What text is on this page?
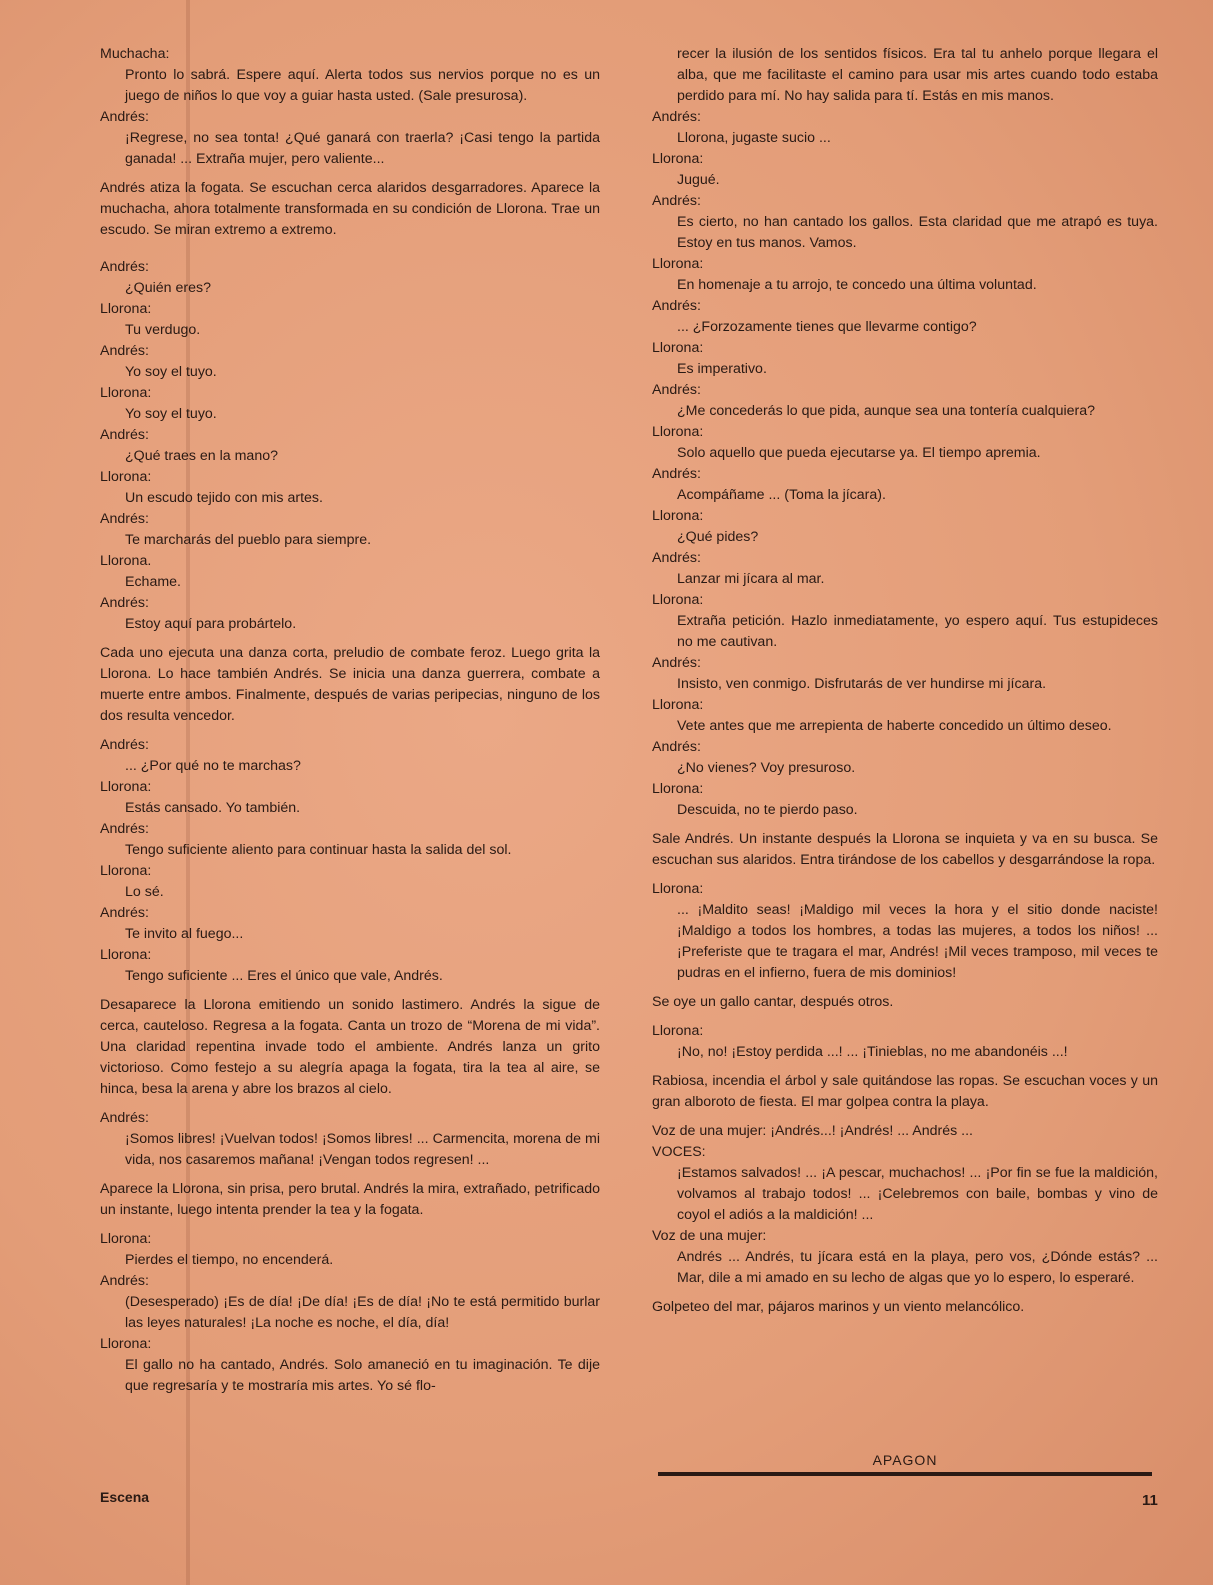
Muchacha:

Pronto lo sabrá. Espere aquí. Alerta todos sus nervios porque no es un juego de niños lo que voy a guiar hasta usted. (Sale presurosa).

Andrés:

¡Regrese, no sea tonta! ¿Qué ganará con traerla? ¡Casi tengo la partida ganada! ... Extraña mujer, pero valiente...

Andrés atiza la fogata. Se escuchan cerca alaridos desgarradores. Aparece la muchacha, ahora totalmente transformada en su condición de Llorona. Trae un escudo. Se miran extremo a extremo.

Andrés:

¿Quién eres?

Llorona:

Tu verdugo.

Andrés:

Yo soy el tuyo.

Llorona:

Yo soy el tuyo.

Andrés:

¿Qué traes en la mano?

Llorona:

Un escudo tejido con mis artes.

Andrés:

Te marcharás del pueblo para siempre.

Llorona.

Echame.

Andrés:

Estoy aquí para probártelo.

Cada uno ejecuta una danza corta, preludio de combate feroz. Luego grita la Llorona. Lo hace también Andrés. Se inicia una danza guerrera, combate a muerte entre ambos. Finalmente, después de varias peripecias, ninguno de los dos resulta vencedor.

Andrés:

... ¿Por qué no te marchas?

Llorona:

Estás cansado. Yo también.

Andrés:

Tengo suficiente aliento para continuar hasta la salida del sol.

Llorona:

Lo sé.

Andrés:

Te invito al fuego...

Llorona:

Tengo suficiente ... Eres el único que vale, Andrés.

Desaparece la Llorona emitiendo un sonido lastimero. Andrés la sigue de cerca, cauteloso. Regresa a la fogata. Canta un trozo de “Morena de mi vida”. Una claridad repentina invade todo el ambiente. Andrés lanza un grito victorioso. Como festejo a su alegría apaga la fogata, tira la tea al aire, se hinca, besa la arena y abre los brazos al cielo.

Andrés:

¡Somos libres! ¡Vuelvan todos! ¡Somos libres! ... Carmencita, morena de mi vida, nos casaremos mañana! ¡Vengan todos regresen! ...

Aparece la Llorona, sin prisa, pero brutal. Andrés la mira, extrañado, petrificado un instante, luego intenta prender la tea y la fogata.

Llorona:

Pierdes el tiempo, no encenderá.

Andrés:

(Desesperado) ¡Es de día! ¡De día! ¡Es de día! ¡No te está permitido burlar las leyes naturales! ¡La noche es noche, el día, día!

Llorona:

El gallo no ha cantado, Andrés. Solo amaneció en tu imaginación. Te dije que regresaría y te mostraría mis artes. Yo sé flo-

recer la ilusión de los sentidos físicos. Era tal tu anhelo porque llegara el alba, que me facilitaste el camino para usar mis artes cuando todo estaba perdido para mí. No hay salida para tí. Estás en mis manos.

Andrés:

Llorona, jugaste sucio ...

Llorona:

Jugué.

Andrés:

Es cierto, no han cantado los gallos. Esta claridad que me atrapó es tuya. Estoy en tus manos. Vamos.

Llorona:

En homenaje a tu arrojo, te concedo una última voluntad.

Andrés:

... ¿Forzozamente tienes que llevarme contigo?

Llorona:

Es imperativo.

Andrés:

¿Me concederás lo que pida, aunque sea una tontería cualquiera?

Llorona:

Solo aquello que pueda ejecutarse ya. El tiempo apremia.

Andrés:

Acompáñame ... (Toma la jícara).

Llorona:

¿Qué pides?

Andrés:

Lanzar mi jícara al mar.

Llorona:

Extraña petición. Hazlo inmediatamente, yo espero aquí. Tus estupideces no me cautivan.

Andrés:

Insisto, ven conmigo. Disfrutarás de ver hundirse mi jícara.

Llorona:

Vete antes que me arrepienta de haberte concedido un último deseo.

Andrés:

¿No vienes? Voy presuroso.

Llorona:

Descuida, no te pierdo paso.

Sale Andrés. Un instante después la Llorona se inquieta y va en su busca. Se escuchan sus alaridos. Entra tirándose de los cabellos y desgarrándose la ropa.

Llorona:

... ¡Maldito seas! ¡Maldigo mil veces la hora y el sitio donde naciste! ¡Maldigo a todos los hombres, a todas las mujeres, a todos los niños! ... ¡Preferiste que te tragara el mar, Andrés! ¡Mil veces tramposo, mil veces te pudras en el infierno, fuera de mis dominios!

Se oye un gallo cantar, después otros.

Llorona:

¡No, no! ¡Estoy perdida ...! ... ¡Tinieblas, no me abandonéis ...!

Rabiosa, incendia el árbol y sale quitándose las ropas. Se escuchan voces y un gran alboroto de fiesta. El mar golpea contra la playa.

Voz de una mujer: ¡Andrés...! ¡Andrés! ... Andrés ...

VOCES:

¡Estamos salvados! ... ¡A pescar, muchachos! ... ¡Por fin se fue la maldición, volvamos al trabajo todos! ... ¡Celebremos con baile, bombas y vino de coyol el adiós a la maldición! ...

Voz de una mujer:

Andrés ... Andrés, tu jícara está en la playa, pero vos, ¿Dónde estás? ... Mar, dile a mi amado en su lecho de algas que yo lo espero, lo esperaré.

Golpeteo del mar, pájaros marinos y un viento melancólico.

APAGON
Escena	11
